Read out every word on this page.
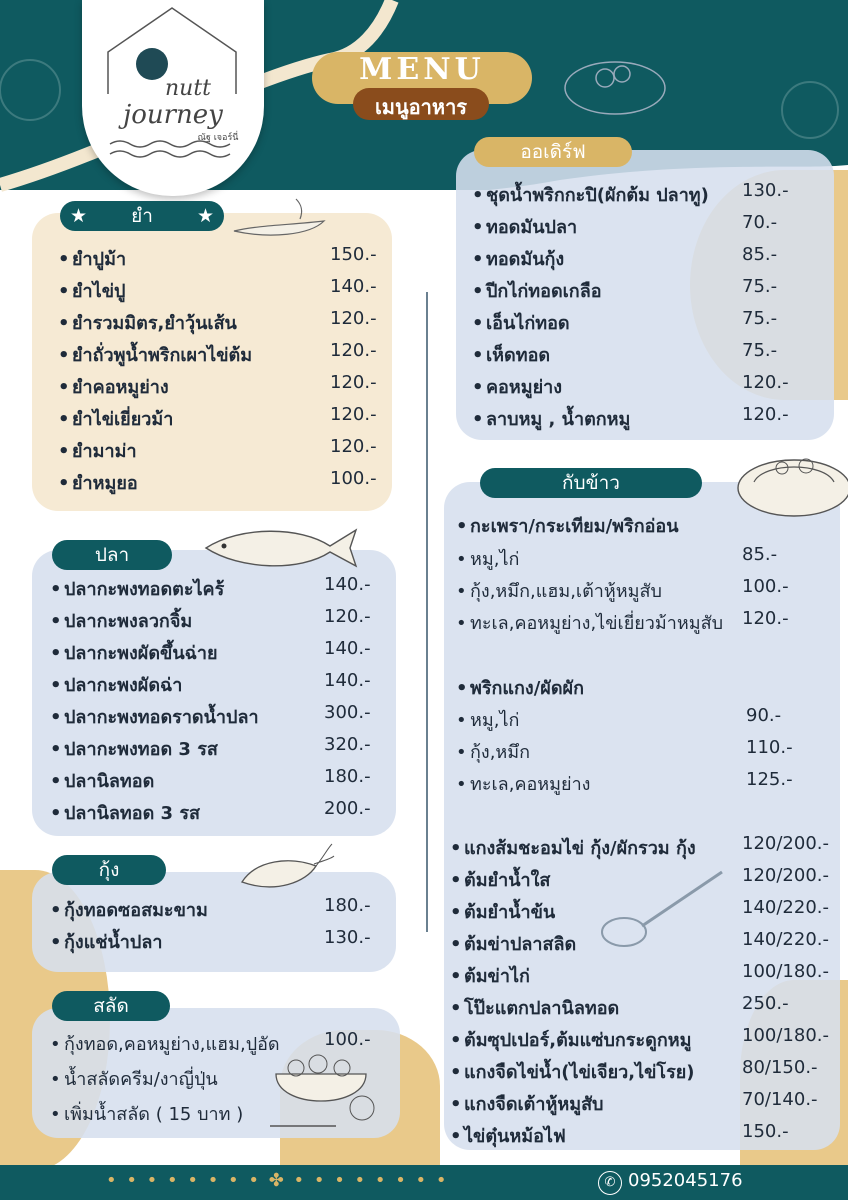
nutt
journey
ณัฐ เจอร์นี่
MENU
เมนูอาหาร
★ ยำ ★
• ยำปูม้า	150.-
• ยำไข่ปู	140.-
• ยำรวมมิตร,ยำวุ้นเส้น	120.-
• ยำถั่วพูน้ำพริกเผาไข่ต้ม	120.-
• ยำคอหมูย่าง	120.-
• ยำไข่เยี่ยวม้า	120.-
• ยำมาม่า	120.-
• ยำหมูยอ	100.-
ปลา
• ปลากะพงทอดตะไคร้	140.-
• ปลากะพงลวกจิ้ม	120.-
• ปลากะพงผัดขึ้นฉ่าย	140.-
• ปลากะพงผัดฉ่า	140.-
• ปลากะพงทอดราดน้ำปลา	300.-
• ปลากะพงทอด 3 รส	320.-
• ปลานิลทอด	180.-
• ปลานิลทอด 3 รส	200.-
กุ้ง
• กุ้งทอดซอสมะขาม	180.-
• กุ้งแช่น้ำปลา	130.-
สลัด
• กุ้งทอด,คอหมูย่าง,แฮม,ปูอัด 100.-
• น้ำสลัดครีม/งาญี่ปุ่น
• เพิ่มน้ำสลัด ( 15 บาท )
ออเดิร์ฟ
• ชุดน้ำพริกกะปิ(ผักต้ม ปลาทู) 130.-
• ทอดมันปลา	70.-
• ทอดมันกุ้ง	85.-
• ปีกไก่ทอดเกลือ	75.-
• เอ็นไก่ทอด	75.-
• เห็ดทอด	75.-
• คอหมูย่าง	120.-
• ลาบหมู , น้ำตกหมู	120.-
กับข้าว
• กะเพรา/กระเทียม/พริกอ่อน
• หมู,ไก่	85.-
• กุ้ง,หมึก,แฮม,เต้าหู้หมูสับ	100.-
• ทะเล,คอหมูย่าง,ไข่เยี่ยวม้าหมูสับ 120.-
• พริกแกง/ผัดผัก
• หมู,ไก่	90.-
• กุ้ง,หมึก	110.-
• ทะเล,คอหมูย่าง	125.-
• แกงส้มชะอมไข่ กุ้ง/ผักรวม กุ้ง	120/200.-
• ต้มยำน้ำใส	120/200.-
• ต้มยำน้ำข้น	140/220.-
• ต้มข่าปลาสลิด	140/220.-
• ต้มข่าไก่	100/180.-
• โป๊ะแตกปลานิลทอด	250.-
• ต้มซุปเปอร์,ต้มแซ่บกระดูกหมู	100/180.-
• แกงจืดไข่น้ำ(ไข่เจียว,ไข่โรย)	80/150.-
• แกงจืดเต้าหู้หมูสับ	70/140.-
• ไข่ตุ๋นหม้อไฟ	150.-
• • • • • • • • ✤ • • • • • • • •	✆ 0952045176
